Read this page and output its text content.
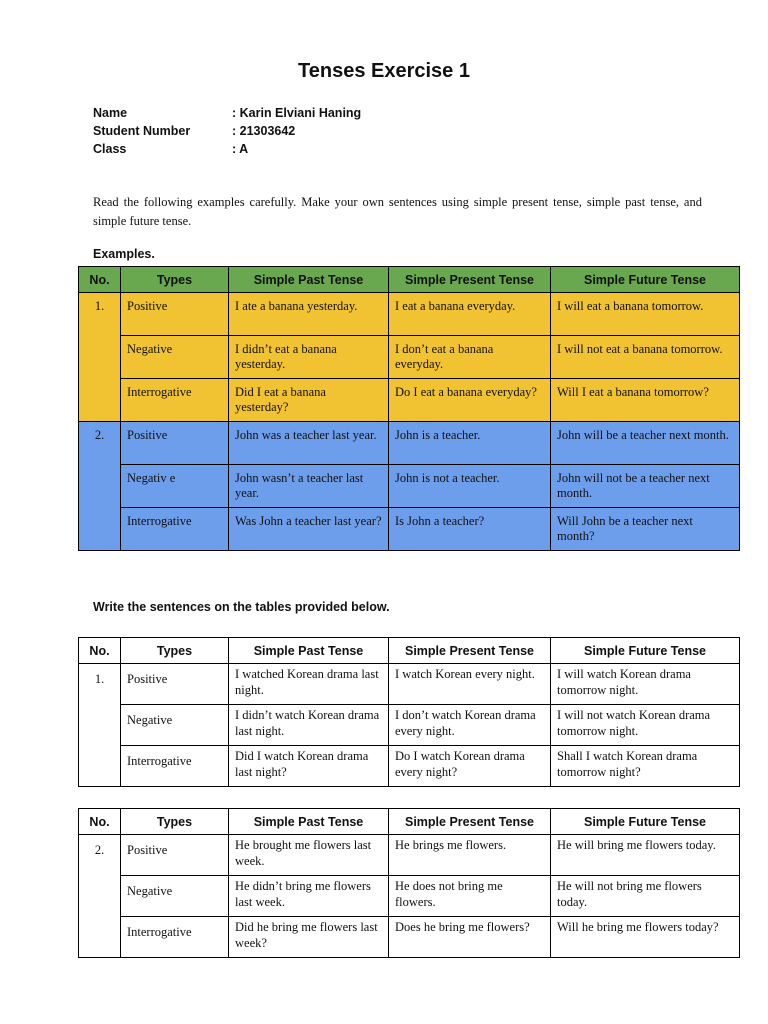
Tenses Exercise 1
Name	: Karin Elviani Haning
Student Number	: 21303642
Class	: A
Read the following examples carefully. Make your own sentences using simple present tense, simple past tense, and simple future tense.
Examples.
No.	Types	Simple Past Tense	Simple Present Tense	Simple Future Tense
1.	Positive	I ate a banana yesterday.	I eat a banana everyday.	I will eat a banana tomorrow.
	Negative	I didn’t eat a banana yesterday.	I don’t eat a banana everyday.	I will not eat a banana tomorrow.
	Interrogative	Did I eat a banana yesterday?	Do I eat a banana everyday?	Will I eat a banana tomorrow?
2.	Positive	John was a teacher last year.	John is a teacher.	John will be a teacher next month.
	Negativ e	John wasn’t a teacher last year.	John is not a teacher.	John will not be a teacher next month.
	Interrogative	Was John a teacher last year?	Is John a teacher?	Will John be a teacher next month?
Write the sentences on the tables provided below.
No.	Types	Simple Past Tense	Simple Present Tense	Simple Future Tense
1.	Positive	I watched Korean drama last night.	I watch Korean every night.	I will watch Korean drama tomorrow night.
	Negative	I didn’t watch Korean drama last night.	I don’t watch Korean drama every night.	I will not watch Korean drama tomorrow night.
	Interrogative	Did I watch Korean drama last night?	Do I watch Korean drama every night?	Shall I watch Korean drama tomorrow night?
No.	Types	Simple Past Tense	Simple Present Tense	Simple Future Tense
2.	Positive	He brought me flowers last week.	He brings me flowers.	He will bring me flowers today.
	Negative	He didn’t bring me flowers last week.	He does not bring me flowers.	He will not bring me flowers today.
	Interrogative	Did he bring me flowers last week?	Does he bring me flowers?	Will he bring me flowers today?
